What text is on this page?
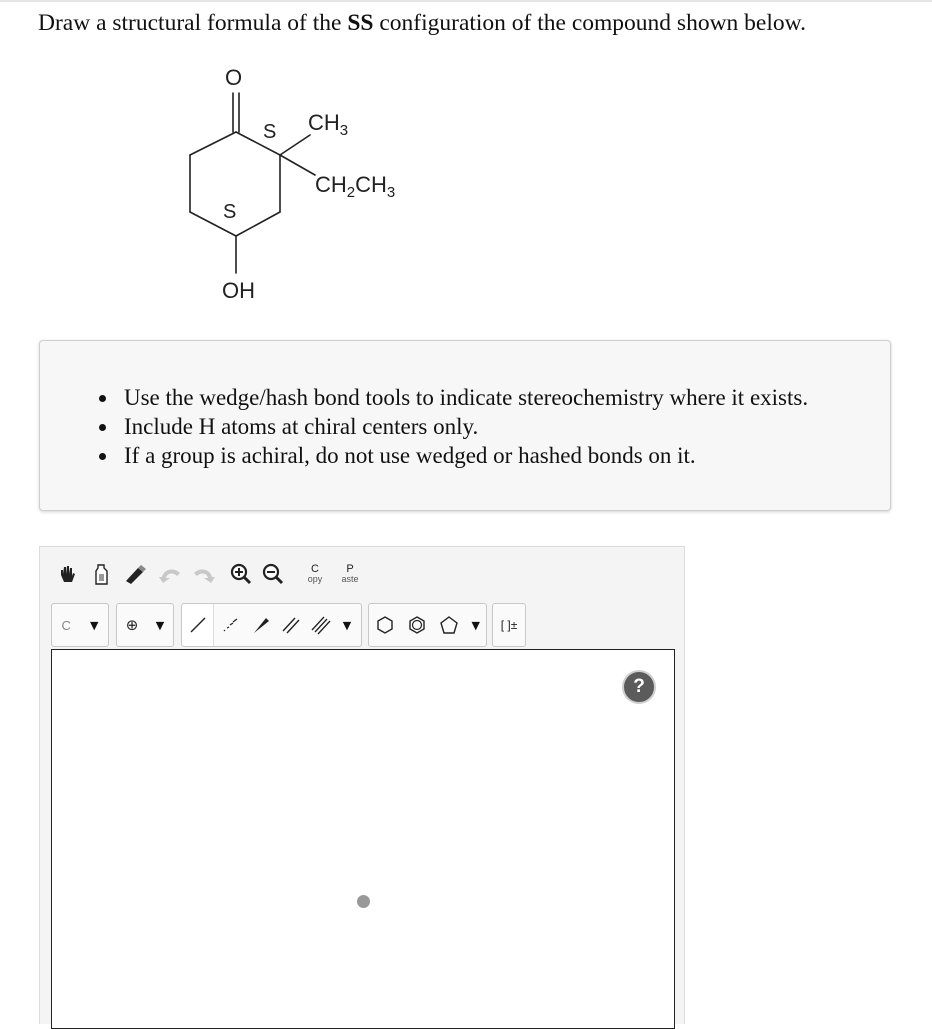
Draw a structural formula of the SS configuration of the compound shown below.
O
S
S
$CH_3$
$CH_2CH_3$
OH
Use the wedge/hash bond tools to indicate stereochemistry where it exists.
Include H atoms at chiral centers only.
If a group is achiral, do not use wedged or hashed bonds on it.
C
opy
P
aste
C ▼ ⊕ ▼	▼	▼ [ ]±
?
